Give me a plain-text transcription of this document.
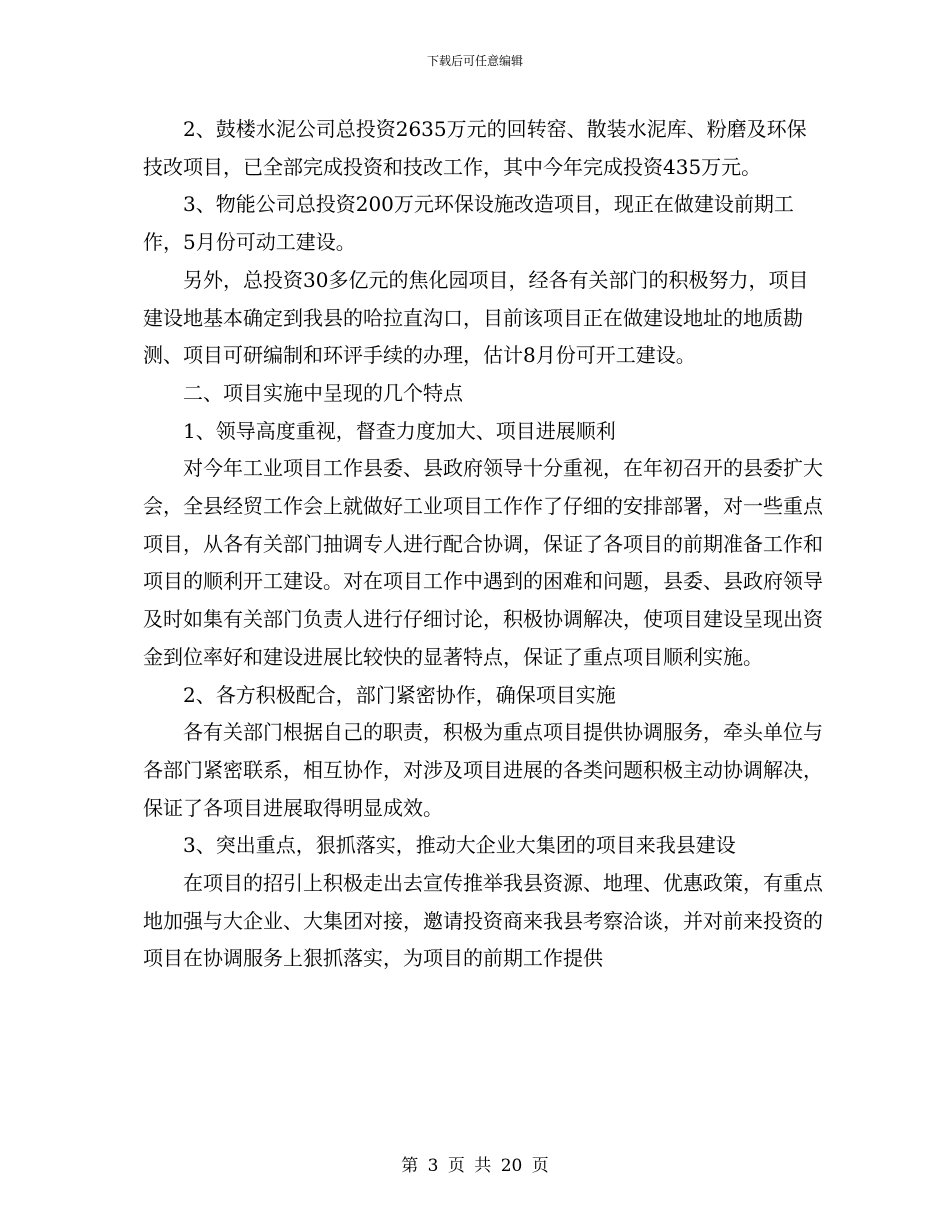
下载后可任意编辑

2、鼓楼水泥公司总投资2635万元的回转窑、散装水泥库、粉磨及环保技改项目，已全部完成投资和技改工作，其中今年完成投资435万元。

3、物能公司总投资200万元环保设施改造项目，现正在做建设前期工作，5月份可动工建设。

另外，总投资30多亿元的焦化园项目，经各有关部门的积极努力，项目建设地基本确定到我县的哈拉直沟口，目前该项目正在做建设地址的地质勘测、项目可研编制和环评手续的办理，估计8月份可开工建设。

二、项目实施中呈现的几个特点

1、领导高度重视，督查力度加大、项目进展顺利

对今年工业项目工作县委、县政府领导十分重视，在年初召开的县委扩大会，全县经贸工作会上就做好工业项目工作作了仔细的安排部署，对一些重点项目，从各有关部门抽调专人进行配合协调，保证了各项目的前期准备工作和项目的顺利开工建设。对在项目工作中遇到的困难和问题，县委、县政府领导及时如集有关部门负责人进行仔细讨论，积极协调解决，使项目建设呈现出资金到位率好和建设进展比较快的显著特点，保证了重点项目顺利实施。

2、各方积极配合，部门紧密协作，确保项目实施

各有关部门根据自己的职责，积极为重点项目提供协调服务，牵头单位与各部门紧密联系，相互协作，对涉及项目进展的各类问题积极主动协调解决，保证了各项目进展取得明显成效。

3、突出重点，狠抓落实，推动大企业大集团的项目来我县建设

在项目的招引上积极走出去宣传推举我县资源、地理、优惠政策，有重点地加强与大企业、大集团对接，邀请投资商来我县考察洽谈，并对前来投资的项目在协调服务上狠抓落实，为项目的前期工作提供

第 3 页 共 20 页
